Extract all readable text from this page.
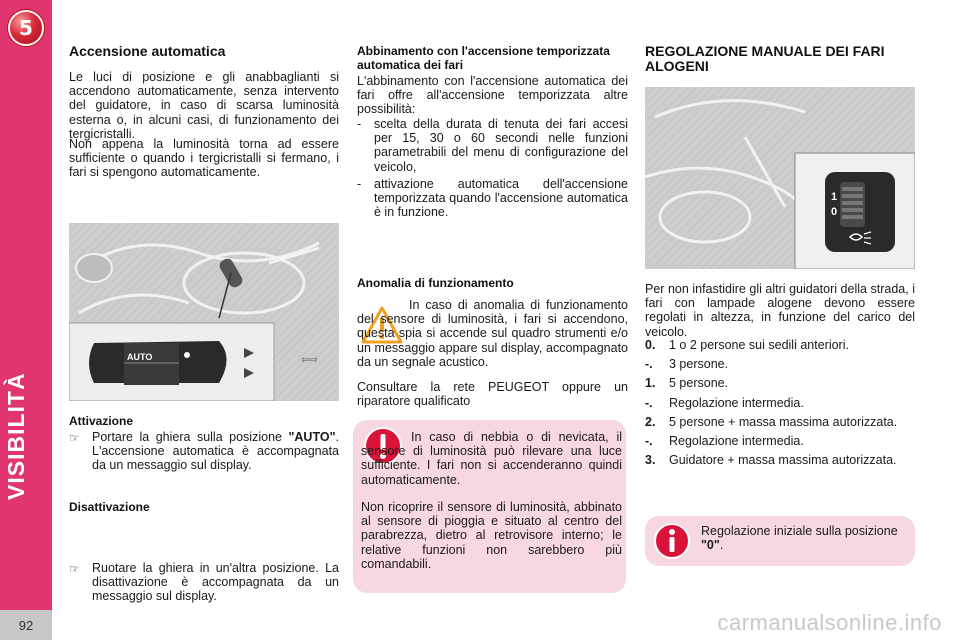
5
VISIBILITÀ
92
Accensione automatica

Le luci di posizione e gli anabbaglianti si accendono automaticamente, senza intervento del guidatore, in caso di scarsa luminosità esterna o, in alcuni casi, di funzionamento dei tergicristalli.

Non appena la luminosità torna ad essere sufficiente o quando i tergicristalli si fermano, i fari si spengono automaticamente.

⇦⇨
AUTO
Attivazione
☞ Portare la ghiera sulla posizione "AUTO". L'accensione automatica è accompagnata da un messaggio sul display.
Disattivazione
☞ Ruotare la ghiera in un'altra posizione. La disattivazione è accompagnata da un messaggio sul display.
Abbinamento con l'accensione temporizzata automatica dei fari

L'abbinamento con l'accensione automatica dei fari offre all'accensione temporizzata altre possibilità:

- scelta della durata di tenuta dei fari accesi per 15, 30 o 60 secondi nelle funzioni parametrabili del menu di configurazione del veicolo,
- attivazione automatica dell'accensione temporizzata quando l'accensione automatica è in funzione.
Anomalia di funzionamento

In caso di anomalia di funzionamento del sensore di luminosità, i fari si accendono, questa spia si accende sul quadro strumenti e/o un messaggio appare sul display, accompagnato da un segnale acustico.

Consultare la rete PEUGEOT oppure un riparatore qualificato

In caso di nebbia o di nevicata, il sensore di luminosità può rilevare una luce sufficiente. I fari non si accenderanno quindi automaticamente.

Non ricoprire il sensore di luminosità, abbinato al sensore di pioggia e situato al centro del parabrezza, dietro al retrovisore interno; le relative funzioni non sarebbero più comandabili.

REGOLAZIONE MANUALE DEI FARI ALOGENI
1
0

Per non infastidire gli altri guidatori della strada, i fari con lampade alogene devono essere regolati in altezza, in funzione del carico del veicolo.

0. 1 o 2 persone sui sedili anteriori.
-. 3 persone.
1. 5 persone.
-. Regolazione intermedia.
2. 5 persone + massa massima autorizzata.
-. Regolazione intermedia.
3. Guidatore + massa massima autorizzata.

Regolazione iniziale sulla posizione "0".

carmanualsonline.info
